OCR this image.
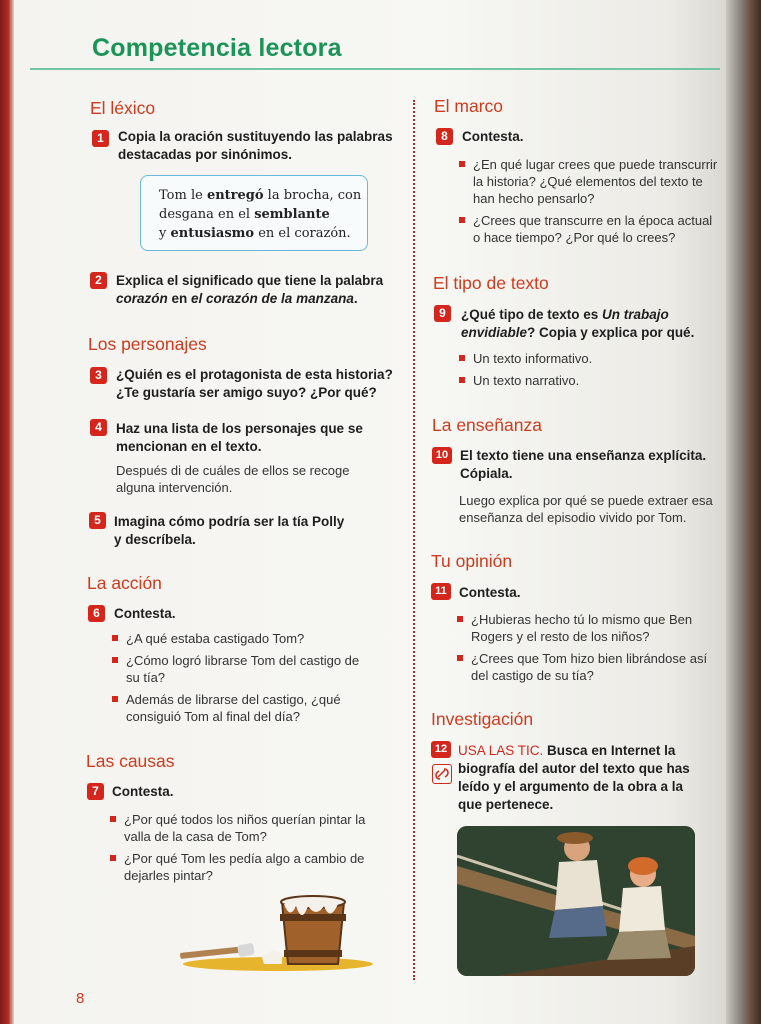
Competencia lectora
El léxico
1	Copia la oración sustituyendo las palabras destacadas por sinónimos.

Tom le entregó la brocha, con desgana en el semblante
y entusiasmo en el corazón.

2	Explica el significado que tiene la palabra corazón en el corazón de la manzana.

Los personajes
3	¿Quién es el protagonista de esta historia? ¿Te gustaría ser amigo suyo? ¿Por qué?

4	Haz una lista de los personajes que se mencionan en el texto.

Después di de cuáles de ellos se recoge alguna intervención.

5 Imagina cómo podría ser la tía Polly y descríbela.

La acción
6	Contesta.

¿A qué estaba castigado Tom?
¿Cómo logró librarse Tom del castigo de su tía?
Además de librarse del castigo, ¿qué consiguió Tom al final del día?
Las causas
7 Contesta.

¿Por qué todos los niños querían pintar la valla de la casa de Tom?
¿Por qué Tom les pedía algo a cambio de dejarles pintar?

8

El marco
8	Contesta.

¿En qué lugar crees que puede transcurrir la historia? ¿Qué elementos del texto te han hecho pensarlo?
¿Crees que transcurre en la época actual o hace tiempo? ¿Por qué lo crees?
El tipo de texto
9	¿Qué tipo de texto es Un trabajo envidiable? Copia y explica por qué.

Un texto informativo.
Un texto narrativo.
La enseñanza
10 El texto tiene una enseñanza explícita. Cópiala.

Luego explica por qué se puede extraer esa enseñanza del episodio vivido por Tom.

Tu opinión
11 Contesta.

¿Hubieras hecho tú lo mismo que Ben Rogers y el resto de los niños?
¿Crees que Tom hizo bien librándose así del castigo de su tía?
Investigación
12 USA LAS TIC. Busca en Internet la biografía del autor del texto que has leído y el argumento de la obra a la que pertenece.
